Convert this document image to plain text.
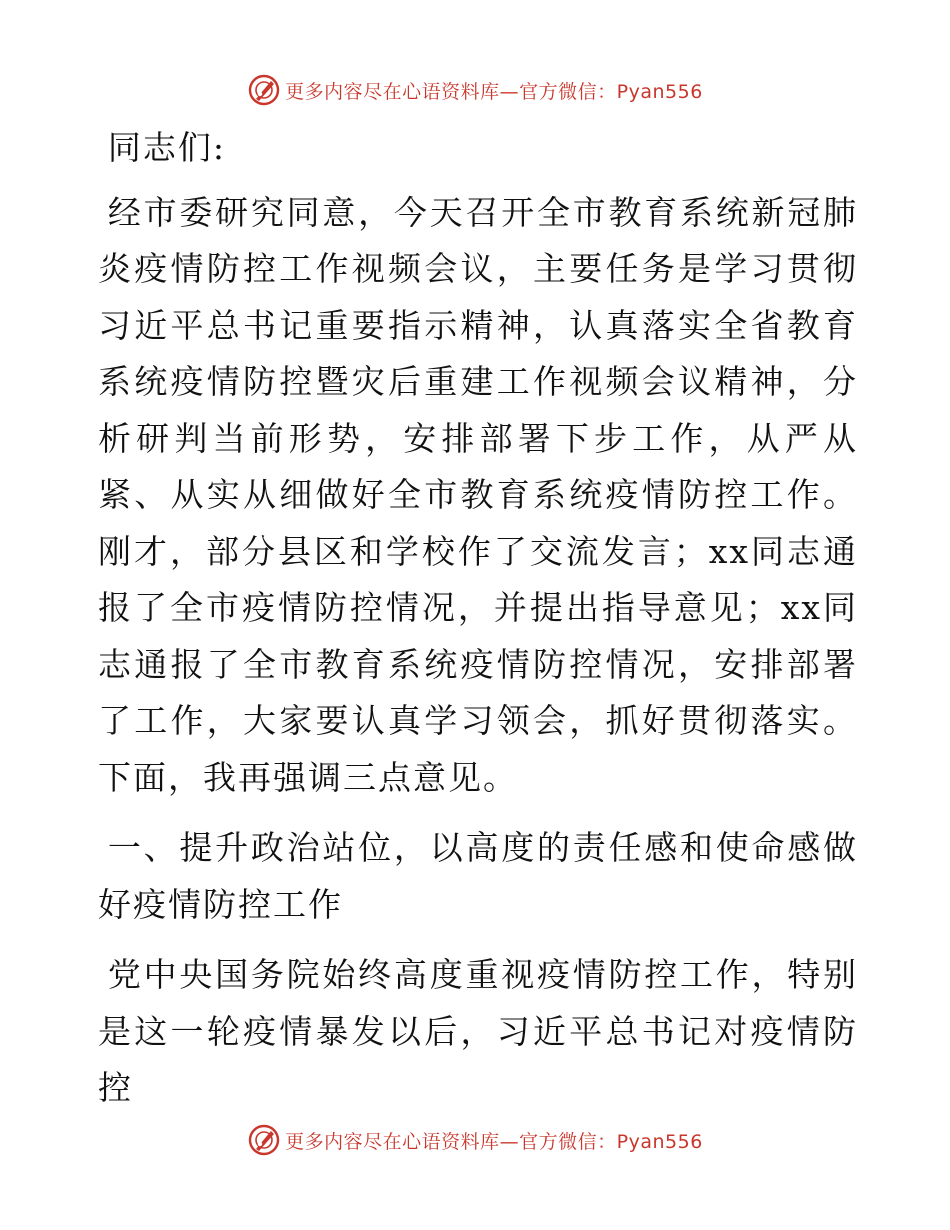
更多内容尽在心语资料库—官方微信：Pyan556

同志们:

经市委研究同意，今天召开全市教育系统新冠肺炎疫情防控工作视频会议，主要任务是学习贯彻习近平总书记重要指示精神，认真落实全省教育系统疫情防控暨灾后重建工作视频会议精神，分析研判当前形势，安排部署下步工作，从严从紧、从实从细做好全市教育系统疫情防控工作。刚才，部分县区和学校作了交流发言；xx同志通报了全市疫情防控情况，并提出指导意见；xx同志通报了全市教育系统疫情防控情况，安排部署了工作，大家要认真学习领会，抓好贯彻落实。下面，我再强调三点意见。

一、提升政治站位，以高度的责任感和使命感做好疫情防控工作

党中央国务院始终高度重视疫情防控工作，特别是这一轮疫情暴发以后，习近平总书记对疫情防控

更多内容尽在心语资料库—官方微信：Pyan556
